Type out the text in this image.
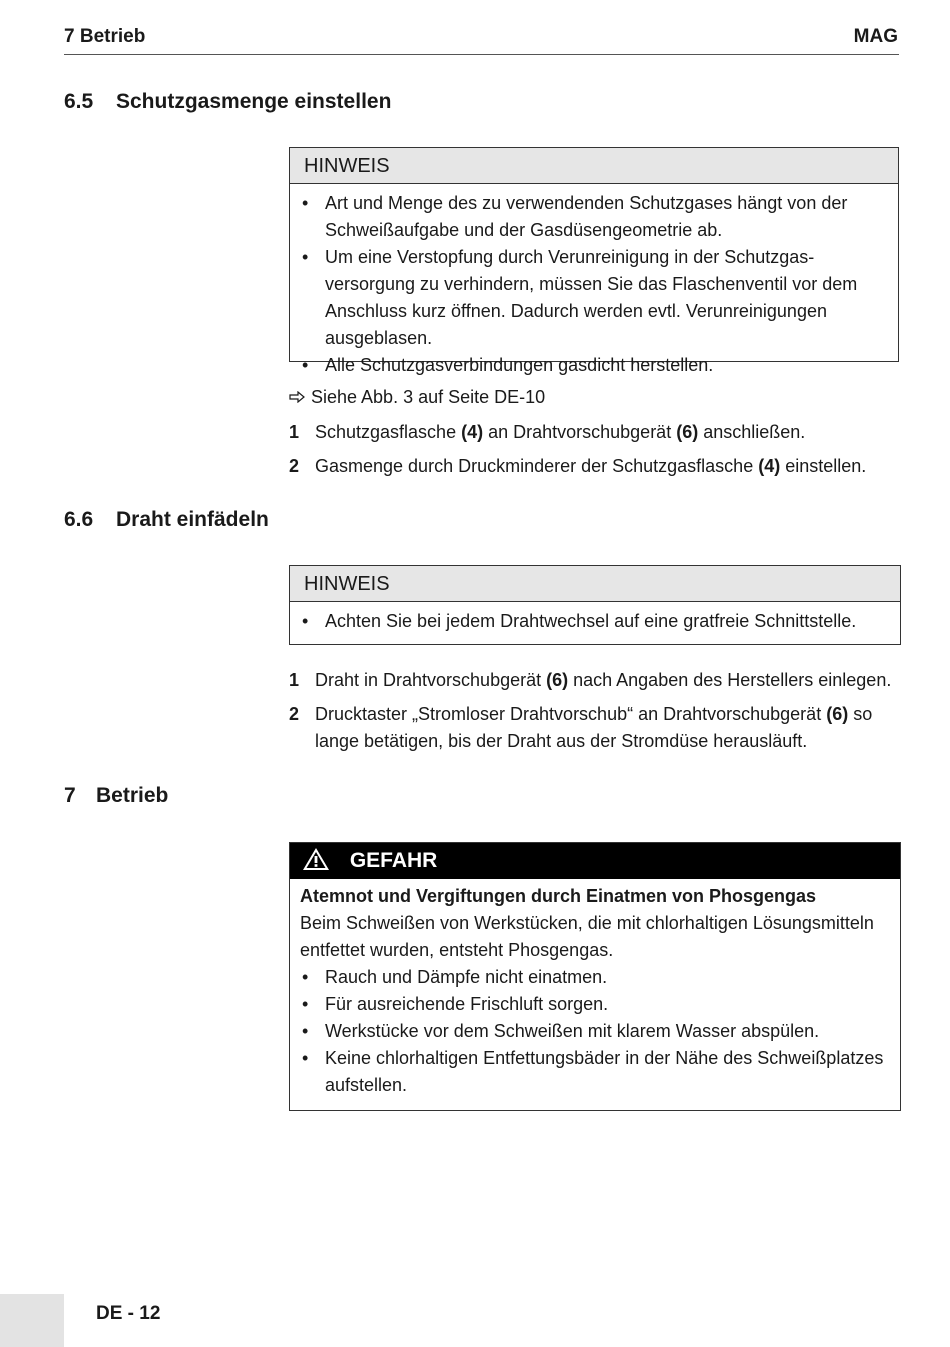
7 Betrieb	MAG
6.5 Schutzgasmenge einstellen
HINWEIS
• Art und Menge des zu verwendenden Schutzgases hängt von der Schweißaufgabe und der Gasdüsengeometrie ab.
• Um eine Verstopfung durch Verunreinigung in der Schutzgas-versorgung zu verhindern, müssen Sie das Flaschenventil vor dem Anschluss kurz öffnen. Dadurch werden evtl. Verunreinigungen ausgeblasen.
• Alle Schutzgasverbindungen gasdicht herstellen.
Siehe Abb. 3 auf Seite DE-10
1 Schutzgasflasche (4) an Drahtvorschubgerät (6) anschließen.
2 Gasmenge durch Druckminderer der Schutzgasflasche (4) einstellen.
6.6 Draht einfädeln
HINWEIS
• Achten Sie bei jedem Drahtwechsel auf eine gratfreie Schnittstelle.
1 Draht in Drahtvorschubgerät (6) nach Angaben des Herstellers einlegen.
2 Drucktaster „Stromloser Drahtvorschub“ an Drahtvorschubgerät (6) so lange betätigen, bis der Draht aus der Stromdüse herausläuft.
7 Betrieb
GEFAHR
Atemnot und Vergiftungen durch Einatmen von Phosgengas
Beim Schweißen von Werkstücken, die mit chlorhaltigen Lösungsmitteln entfettet wurden, entsteht Phosgengas.
• Rauch und Dämpfe nicht einatmen.
• Für ausreichende Frischluft sorgen.
• Werkstücke vor dem Schweißen mit klarem Wasser abspülen.
• Keine chlorhaltigen Entfettungsbäder in der Nähe des Schweißplatzes aufstellen.
DE - 12
